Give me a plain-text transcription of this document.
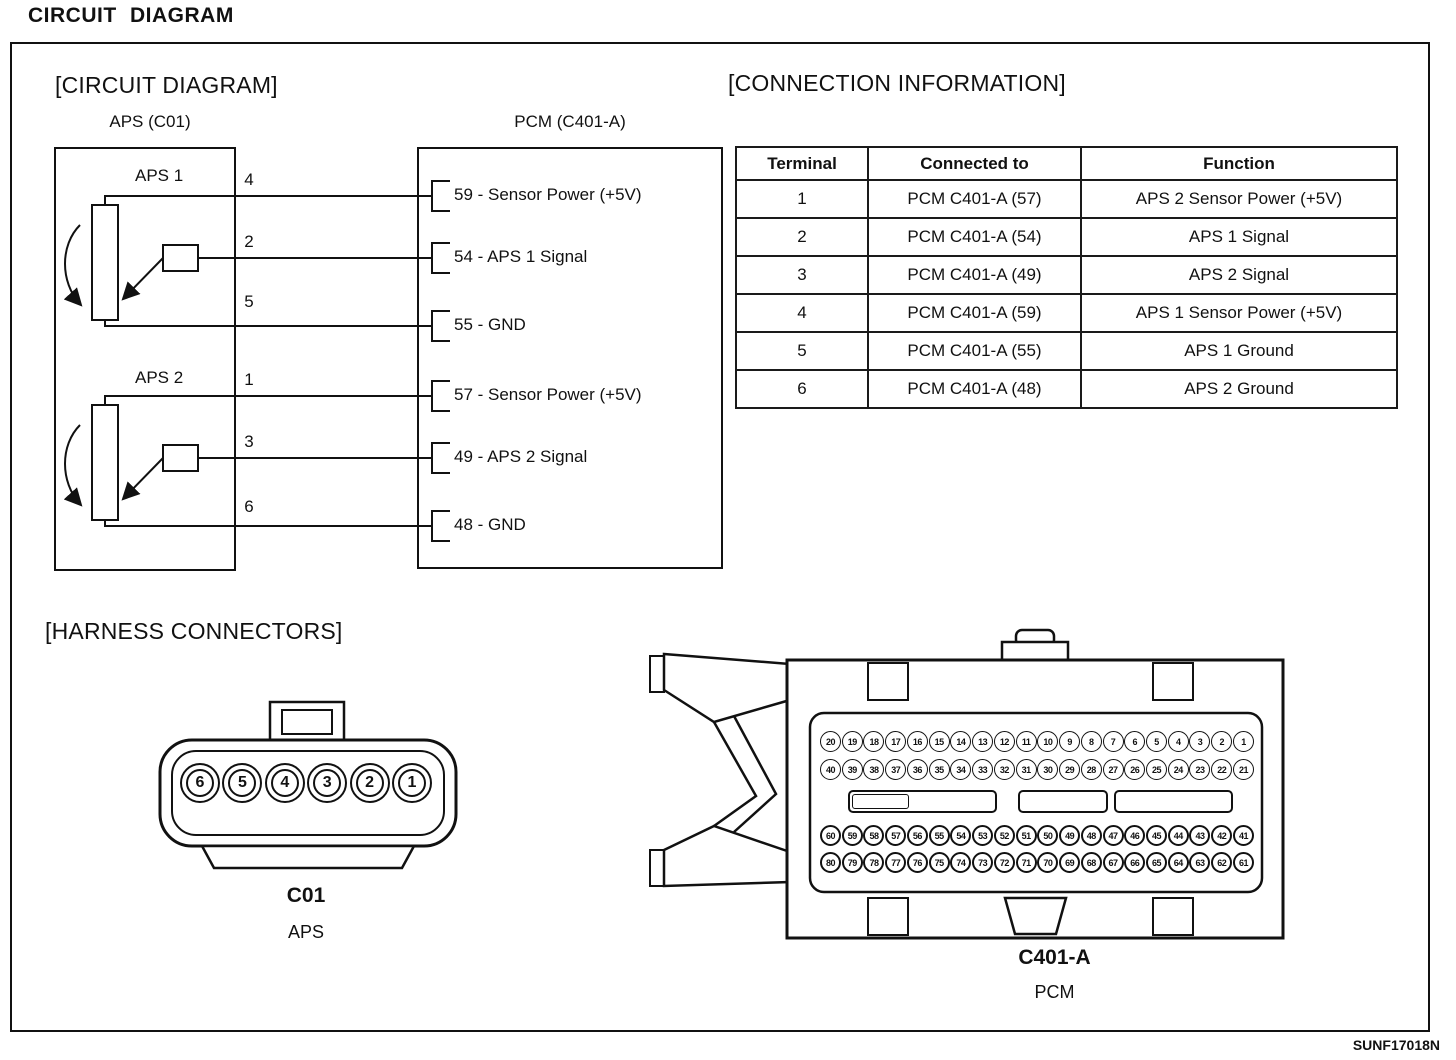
CIRCUIT DIAGRAM
[CIRCUIT DIAGRAM]	[CONNECTION INFORMATION]
APS (C01)	PCM (C401-A)
APS 1
APS 2
4
2
5
1
3
6
59 - Sensor Power (+5V)
54 - APS 1 Signal
55 - GND
57 - Sensor Power (+5V)
49 - APS 2 Signal
48 - GND
Terminal	Connected to	Function
1	PCM C401-A (57)	APS 2 Sensor Power (+5V)
2	PCM C401-A (54)	APS 1 Signal
3	PCM C401-A (49)	APS 2 Signal
4	PCM C401-A (59)	APS 1 Sensor Power (+5V)
5	PCM C401-A (55)	APS 1 Ground
6	PCM C401-A (48)	APS 2 Ground
[HARNESS CONNECTORS]
6	5	4	3	2	1
C01
APS
20	19	18	17	16	15	14	13	12	11	10	9	8	7	6	5	4	3	2	1
40	39	38	37	36	35	34	33	32	31	30	29	28	27	26	25	24	23	22	21
60	59	58	57	56	55	54	53	52	51	50	49	48	47	46	45	44	43	42	41
80	79	78	77	76	75	74	73	72	71	70	69	68	67	66	65	64	63	62	61
C401-A
PCM
SUNF17018N
